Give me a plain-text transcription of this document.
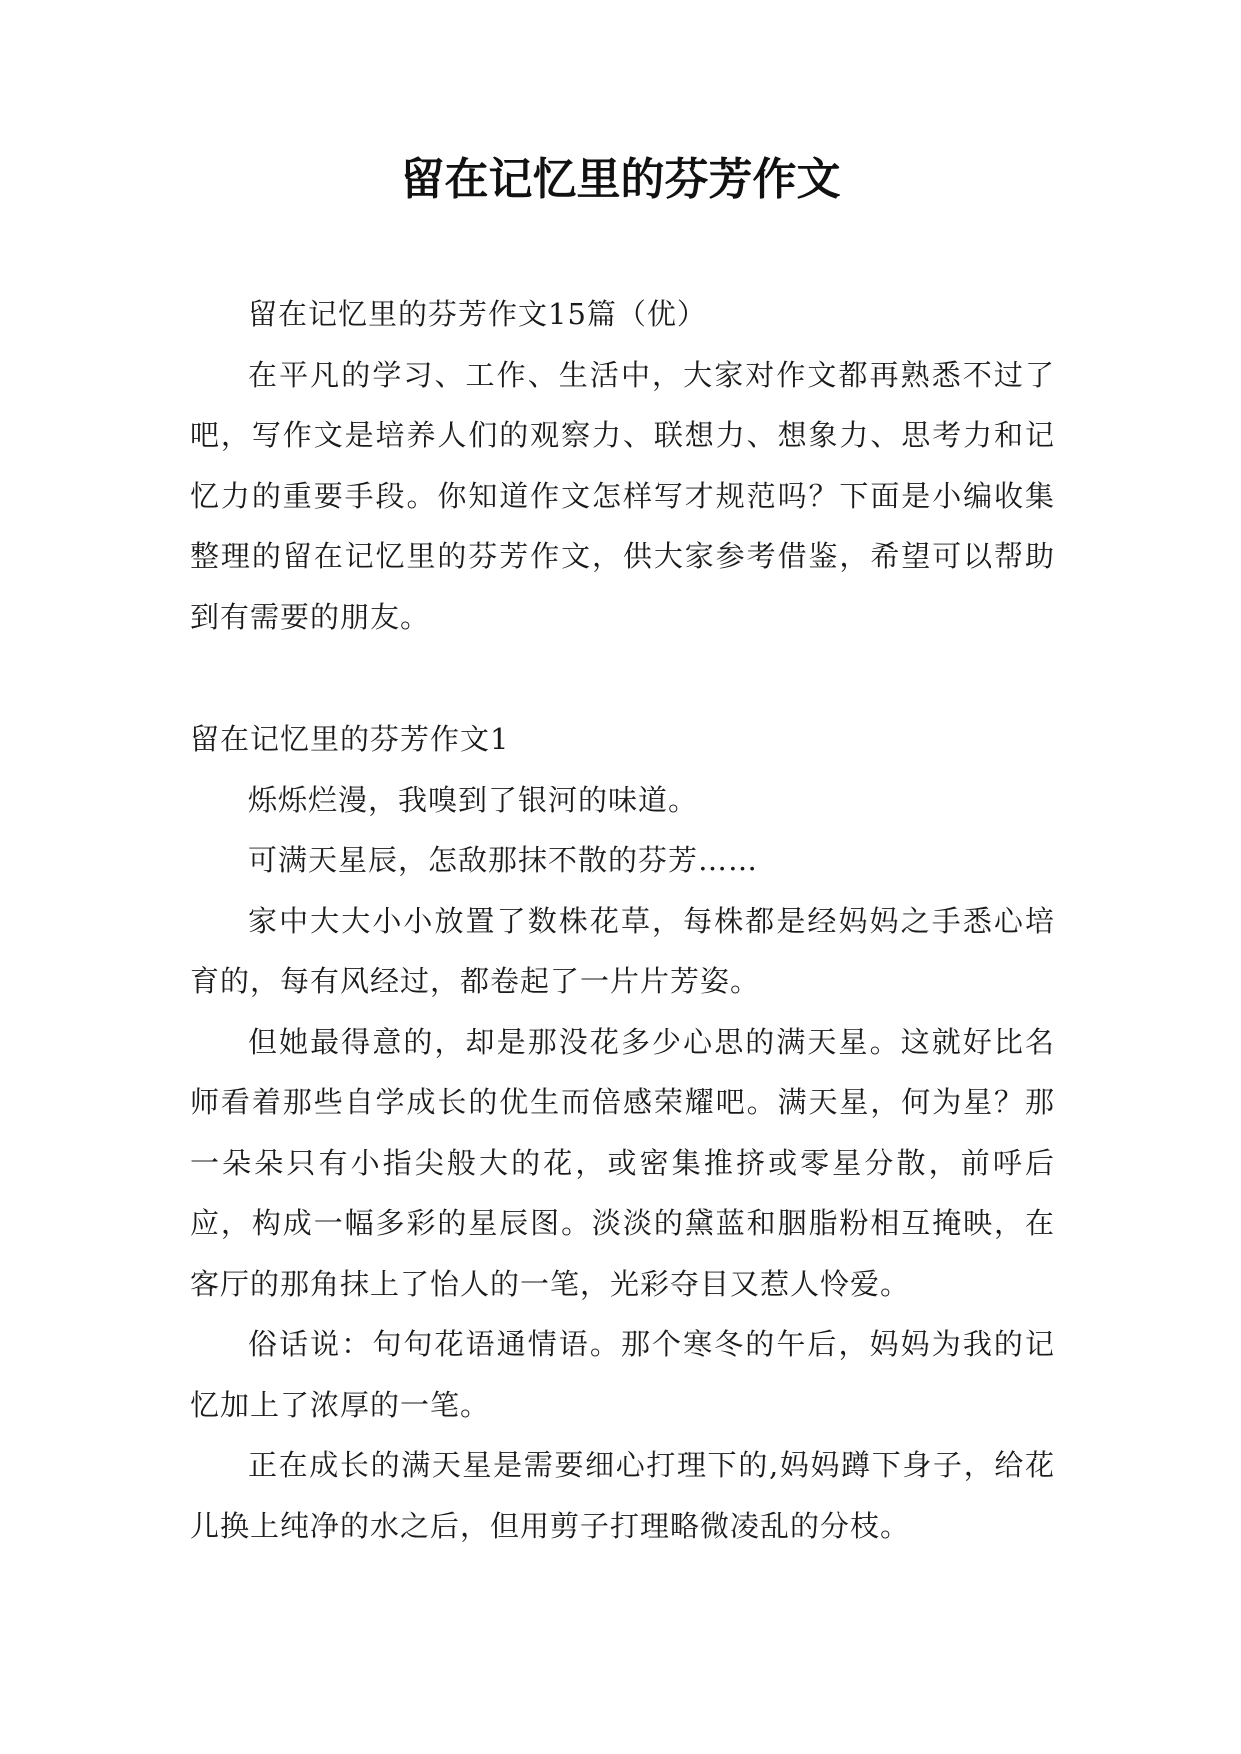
留在记忆里的芬芳作文

留在记忆里的芬芳作文15篇（优）

在平凡的学习、工作、生活中，大家对作文都再熟悉不过了吧，写作文是培养人们的观察力、联想力、想象力、思考力和记忆力的重要手段。你知道作文怎样写才规范吗？下面是小编收集整理的留在记忆里的芬芳作文，供大家参考借鉴，希望可以帮助到有需要的朋友。

留在记忆里的芬芳作文1

烁烁烂漫，我嗅到了银河的味道。

可满天星辰，怎敌那抹不散的芬芳……

家中大大小小放置了数株花草，每株都是经妈妈之手悉心培育的，每有风经过，都卷起了一片片芳姿。

但她最得意的，却是那没花多少心思的满天星。这就好比名师看着那些自学成长的优生而倍感荣耀吧。满天星，何为星？那一朵朵只有小指尖般大的花，或密集推挤或零星分散，前呼后应，构成一幅多彩的星辰图。淡淡的黛蓝和胭脂粉相互掩映，在客厅的那角抹上了怡人的一笔，光彩夺目又惹人怜爱。

俗话说：句句花语通情语。那个寒冬的午后，妈妈为我的记忆加上了浓厚的一笔。

正在成长的满天星是需要细心打理下的,妈妈蹲下身子，给花儿换上纯净的水之后，但用剪子打理略微凌乱的分枝。
